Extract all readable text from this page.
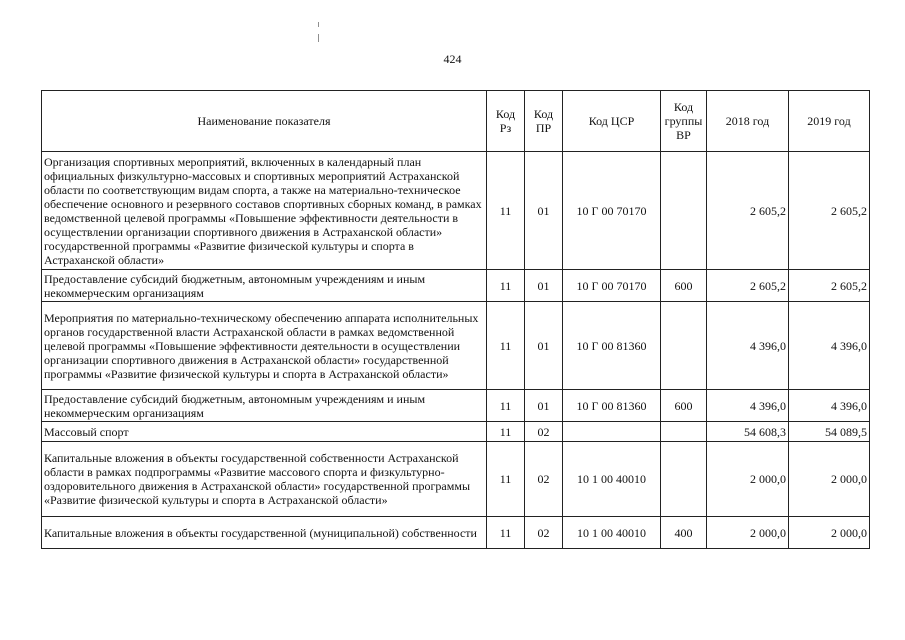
424
Наименование показателя	Код Рз	Код ПР	Код ЦСР	Код группы ВР	2018 год	2019 год
Организация спортивных мероприятий, включенных в календарный план официальных физкультурно-массовых и спортивных мероприятий Астраханской области по соответствующим видам спорта, а также на материально-техническое обеспечение основного и резервного составов спортивных сборных команд, в рамках ведомственной целевой программы «Повышение эффективности деятельности в осуществлении организации спортивного движения в Астраханской области» государственной программы «Развитие физической культуры и спорта в Астраханской области»	11	01	10 Г 00 70170		2 605,2	2 605,2
Предоставление субсидий бюджетным, автономным учреждениям и иным некоммерческим организациям	11	01	10 Г 00 70170	600	2 605,2	2 605,2
Мероприятия по материально-техническому обеспечению аппарата исполнительных органов государственной власти Астраханской области в рамках ведомственной целевой программы «Повышение эффективности деятельности в осуществлении организации спортивного движения в Астраханской области» государственной программы «Развитие физической культуры и спорта в Астраханской области»	11	01	10 Г 00 81360		4 396,0	4 396,0
Предоставление субсидий бюджетным, автономным учреждениям и иным некоммерческим организациям	11	01	10 Г 00 81360	600	4 396,0	4 396,0
Массовый спорт	11	02			54 608,3	54 089,5
Капитальные вложения в объекты государственной собственности Астраханской области в рамках подпрограммы «Развитие массового спорта и физкультурно-оздоровительного движения в Астраханской области» государственной программы «Развитие физической культуры и спорта в Астраханской области»	11	02	10 1 00 40010		2 000,0	2 000,0
Капитальные вложения в объекты государственной (муниципальной) собственности	11	02	10 1 00 40010	400	2 000,0	2 000,0
